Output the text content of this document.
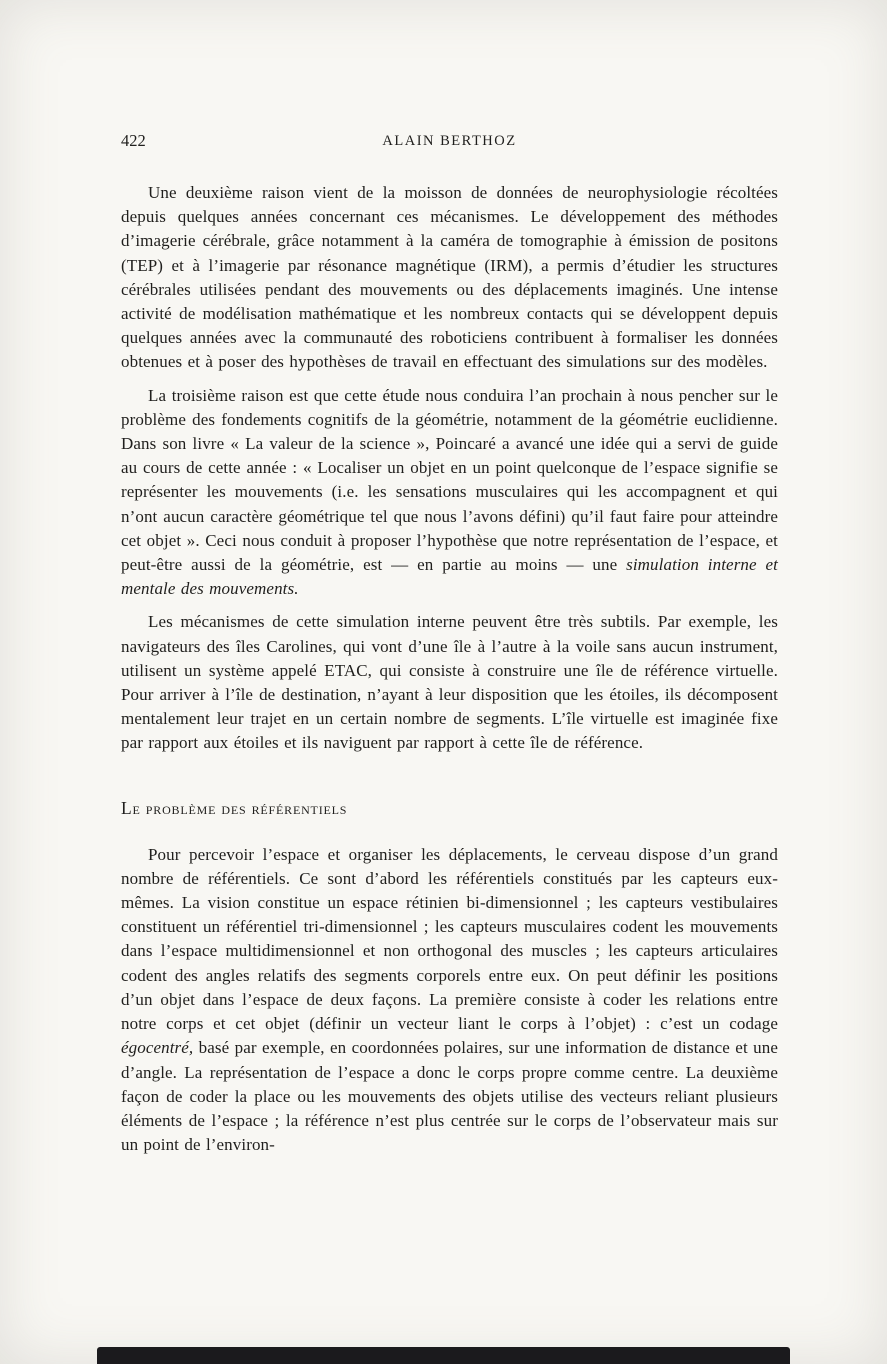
422	ALAIN BERTHOZ

Une deuxième raison vient de la moisson de données de neurophysiologie récoltées depuis quelques années concernant ces mécanismes. Le développement des méthodes d’imagerie cérébrale, grâce notamment à la caméra de tomographie à émission de positons (TEP) et à l’imagerie par résonance magnétique (IRM), a permis d’étudier les structures cérébrales utilisées pendant des mouvements ou des déplacements imaginés. Une intense activité de modélisation mathématique et les nombreux contacts qui se développent depuis quelques années avec la communauté des roboticiens contribuent à formaliser les données obtenues et à poser des hypothèses de travail en effectuant des simulations sur des modèles.

La troisième raison est que cette étude nous conduira l’an prochain à nous pencher sur le problème des fondements cognitifs de la géométrie, notamment de la géométrie euclidienne. Dans son livre « La valeur de la science », Poincaré a avancé une idée qui a servi de guide au cours de cette année : « Localiser un objet en un point quelconque de l’espace signifie se représenter les mouvements (i.e. les sensations musculaires qui les accompagnent et qui n’ont aucun caractère géométrique tel que nous l’avons défini) qu’il faut faire pour atteindre cet objet ». Ceci nous conduit à proposer l’hypothèse que notre représentation de l’espace, et peut-être aussi de la géométrie, est — en partie au moins — une simulation interne et mentale des mouvements.

Les mécanismes de cette simulation interne peuvent être très subtils. Par exemple, les navigateurs des îles Carolines, qui vont d’une île à l’autre à la voile sans aucun instrument, utilisent un système appelé ETAC, qui consiste à construire une île de référence virtuelle. Pour arriver à l’île de destination, n’ayant à leur disposition que les étoiles, ils décomposent mentalement leur trajet en un certain nombre de segments. L’île virtuelle est imaginée fixe par rapport aux étoiles et ils naviguent par rapport à cette île de référence.

Le problème des référentiels

Pour percevoir l’espace et organiser les déplacements, le cerveau dispose d’un grand nombre de référentiels. Ce sont d’abord les référentiels constitués par les capteurs eux-mêmes. La vision constitue un espace rétinien bi-dimensionnel ; les capteurs vestibulaires constituent un référentiel tri-dimensionnel ; les capteurs musculaires codent les mouvements dans l’espace multidimensionnel et non orthogonal des muscles ; les capteurs articulaires codent des angles relatifs des segments corporels entre eux. On peut définir les positions d’un objet dans l’espace de deux façons. La première consiste à coder les relations entre notre corps et cet objet (définir un vecteur liant le corps à l’objet) : c’est un codage égocentré, basé par exemple, en coordonnées polaires, sur une information de distance et une d’angle. La représentation de l’espace a donc le corps propre comme centre. La deuxième façon de coder la place ou les mouvements des objets utilise des vecteurs reliant plusieurs éléments de l’espace ; la référence n’est plus centrée sur le corps de l’observateur mais sur un point de l’environ-
